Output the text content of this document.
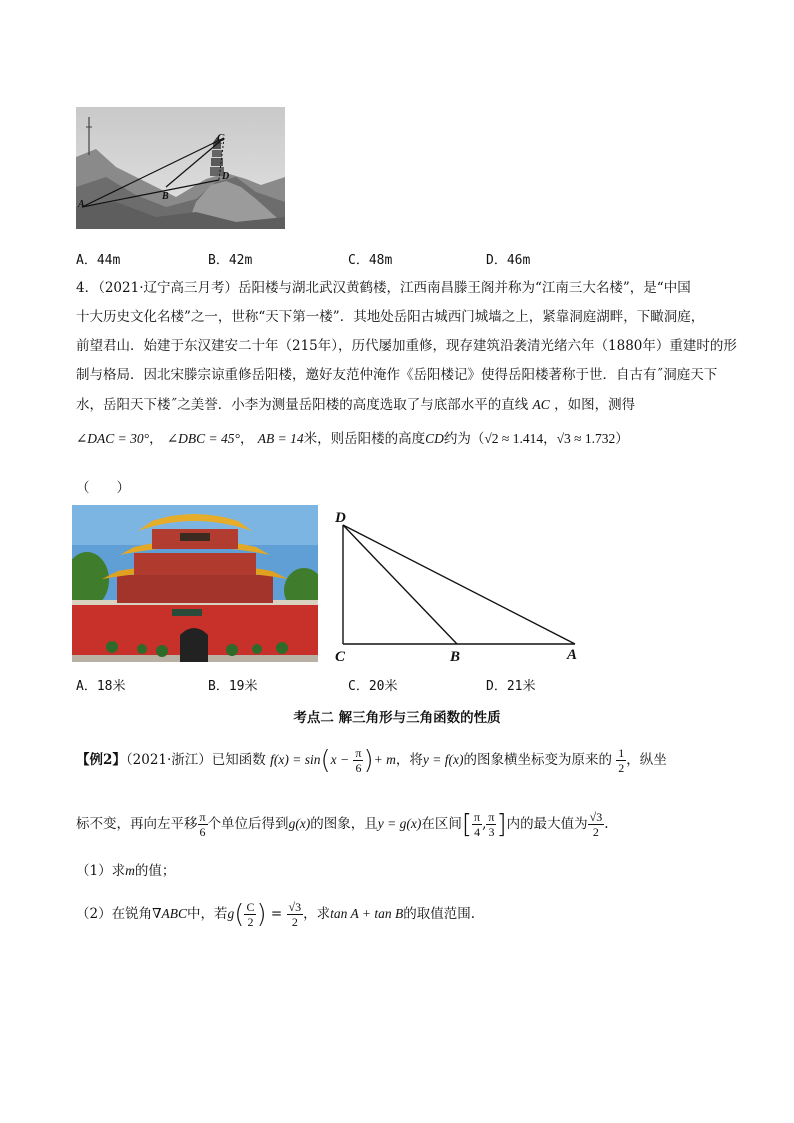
C
D
B
A
A．44m	B．42m	C．48m	D．46m
4．（2021·辽宁高三月考）岳阳楼与湖北武汉黄鹤楼，江西南昌滕王阁并称为“江南三大名楼”，是“中国
十大历史文化名楼”之一，世称“天下第一楼”．其地处岳阳古城西门城墙之上，紧靠洞庭湖畔，下瞰洞庭，
前望君山．始建于东汉建安二十年（215年），历代屡加重修，现存建筑沿袭清光绪六年（1880年）重建时的形
制与格局．因北宋滕宗谅重修岳阳楼，邀好友范仲淹作《岳阳楼记》使得岳阳楼著称于世．自古有˝洞庭天下
水，岳阳天下楼˝之美誉．小李为测量岳阳楼的高度选取了与底部水平的直线 AC ，如图，测得
∠DAC = 30°， ∠DBC = 45°， AB = 14米，则岳阳楼的高度CD约为（√2 ≈ 1.414，√3 ≈ 1.732）
（　　）
D
C	B	A
A．18米	B．19米	C．20米	D．21米
考点二 解三角形与三角函数的性质
【例2】（2021·浙江）已知函数 $f(x) = \sin(x - \frac{\pi}{6}$ )+ m，将y = f(x)的图象横坐标变为原来的 $\frac{1}{2}$ ，纵坐
标不变，再向左平移 $\frac{\pi}{6}$ 个单位后得到g(x)的图象，且y = g(x)在区间[ $\frac{\pi}{4}$ , $\frac{\pi}{3}$ ]内的最大值为 $\frac{√3}{2}$ .
（1）求m的值；
（2）在锐角∇ABC中，若$g( \frac{C}{2}$ ) = $\frac{√3}{2}$ ，求tan A + tan B的取值范围.
